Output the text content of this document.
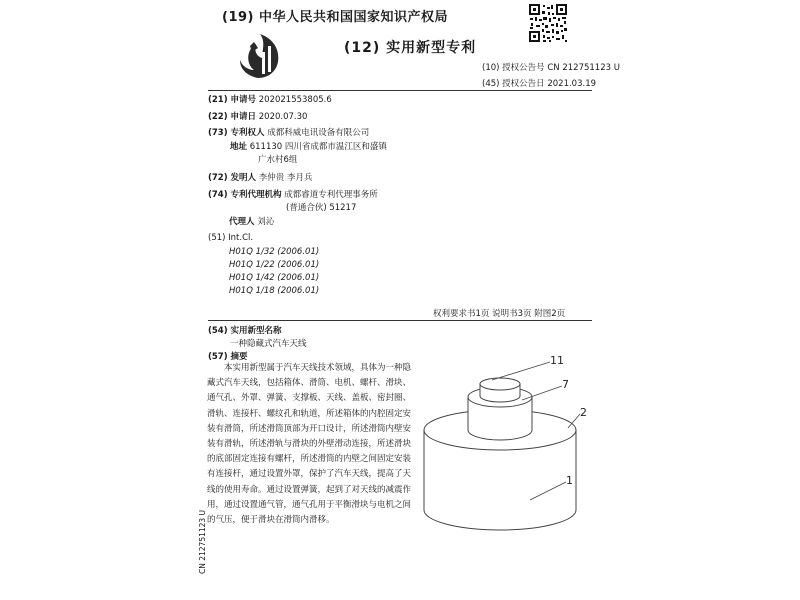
(19) 中华人民共和国国家知识产权局
(12) 实用新型专利
(10) 授权公告号 CN 212751123 U
(45) 授权公告日 2021.03.19
(21) 申请号 202021553805.6
(22) 申请日 2020.07.30
(73) 专利权人 成都科威电讯设备有限公司
地址 611130 四川省成都市温江区和盛镇
广水村6组
(72) 发明人 李仲贵 李月兵
(74) 专利代理机构 成都睿道专利代理事务所
(普通合伙) 51217
代理人 刘沁
(51) Int.Cl.
H01Q 1/32 (2006.01)
H01Q 1/22 (2006.01)
H01Q 1/42 (2006.01)
H01Q 1/18 (2006.01)
权利要求书1页 说明书3页 附图2页
(54) 实用新型名称
一种隐藏式汽车天线
(57) 摘要
本实用新型属于汽车天线技术领域，具体为一种隐藏式汽车天线，包括箱体、滑筒、电机、螺杆、滑块、通气孔、外罩、弹簧、支撑板、天线、盖板、密封圈、滑轨、连接杆、螺纹孔和轨道，所述箱体的内腔固定安装有滑筒，所述滑筒顶部为开口设计，所述滑筒内壁安装有滑轨，所述滑轨与滑块的外壁滑动连接，所述滑块的底部固定连接有螺杆，所述滑筒的内壁之间固定安装有连接杆，通过设置外罩，保护了汽车天线，提高了天线的使用寿命。通过设置弹簧，起到了对天线的减震作用，通过设置通气管，通气孔用于平衡滑块与电机之间的气压，便于滑块在滑筒内滑移。
11
7
2
1
CN 212751123 U
